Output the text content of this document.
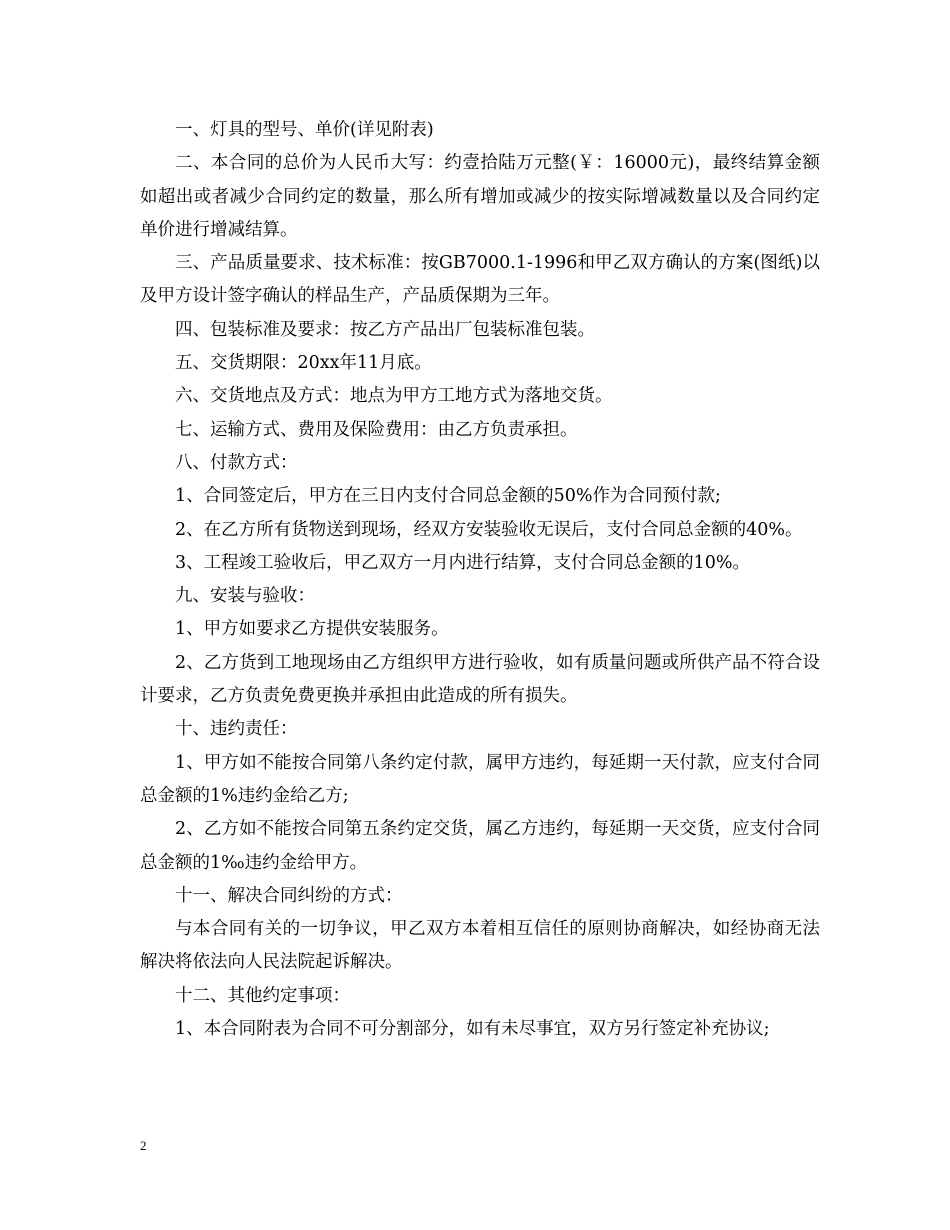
一、灯具的型号、单价(详见附表)

二、本合同的总价为人民币大写：约壹拾陆万元整(￥：16000元)，最终结算金额如超出或者减少合同约定的数量，那么所有增加或减少的按实际增减数量以及合同约定单价进行增减结算。

三、产品质量要求、技术标准：按GB7000.1-1996和甲乙双方确认的方案(图纸)以及甲方设计签字确认的样品生产，产品质保期为三年。

四、包装标准及要求：按乙方产品出厂包装标准包装。

五、交货期限：20xx年11月底。

六、交货地点及方式：地点为甲方工地方式为落地交货。

七、运输方式、费用及保险费用：由乙方负责承担。

八、付款方式：

1、合同签定后，甲方在三日内支付合同总金额的50%作为合同预付款;

2、在乙方所有货物送到现场，经双方安装验收无误后，支付合同总金额的40%。

3、工程竣工验收后，甲乙双方一月内进行结算，支付合同总金额的10%。

九、安装与验收：

1、甲方如要求乙方提供安装服务。

2、乙方货到工地现场由乙方组织甲方进行验收，如有质量问题或所供产品不符合设计要求，乙方负责免费更换并承担由此造成的所有损失。

十、违约责任：

1、甲方如不能按合同第八条约定付款，属甲方违约，每延期一天付款，应支付合同总金额的1%违约金给乙方;

2、乙方如不能按合同第五条约定交货，属乙方违约，每延期一天交货，应支付合同总金额的1‰违约金给甲方。

十一、解决合同纠纷的方式：

与本合同有关的一切争议，甲乙双方本着相互信任的原则协商解决，如经协商无法解决将依法向人民法院起诉解决。

十二、其他约定事项：

1、本合同附表为合同不可分割部分，如有未尽事宜，双方另行签定补充协议;

2
